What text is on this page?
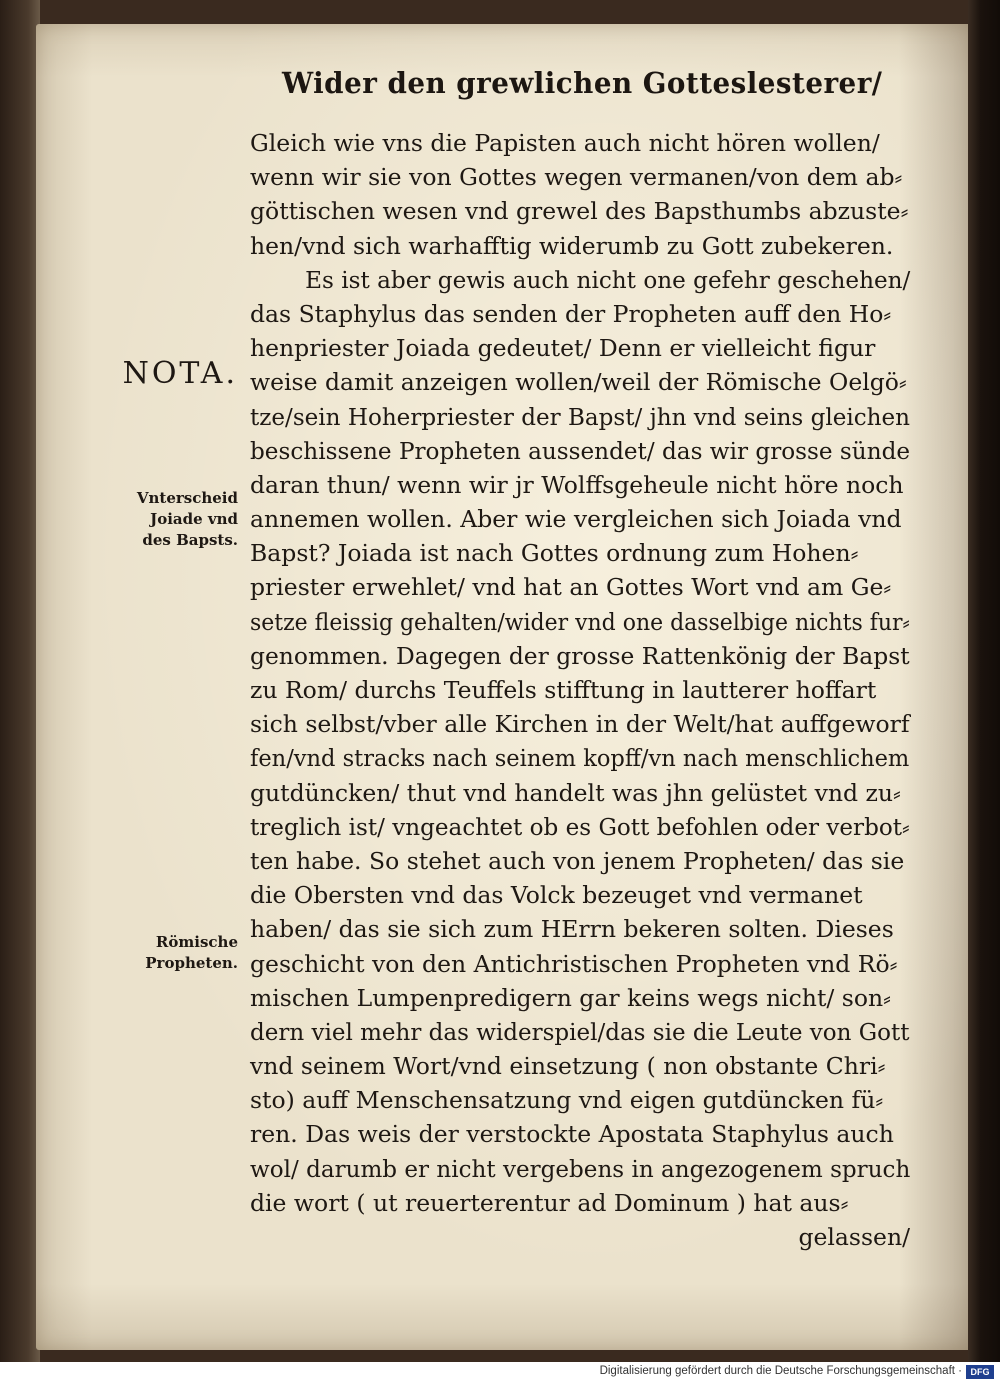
Wider den grewlichen Gotteslesterer/
NOTA.
Vnterscheid
Joiade vnd
des Bapsts.
Römische
Propheten.
Gleich wie vns die Papisten auch nicht hören wollen/
wenn wir sie von Gottes wegen vermanen/von dem ab⸗
göttischen wesen vnd grewel des Bapsthumbs abzuste⸗
hen/vnd sich warhafftig widerumb zu Gott zubekeren.
Es ist aber gewis auch nicht one gefehr geschehen/
das Staphylus das senden der Propheten auff den Ho⸗
henpriester Joiada gedeutet/ Denn er vielleicht figur
weise damit anzeigen wollen/weil der Römische Oelgö⸗
tze/sein Hoherpriester der Bapst/ jhn vnd seins gleichen
beschissene Propheten aussendet/ das wir grosse sünde
daran thun/ wenn wir jr Wolffsgeheule nicht höre noch
annemen wollen. Aber wie vergleichen sich Joiada vnd
Bapst? Joiada ist nach Gottes ordnung zum Hohen⸗
priester erwehlet/ vnd hat an Gottes Wort vnd am Ge⸗
setze fleissig gehalten/wider vnd one dasselbige nichts fur⸗
genommen. Dagegen der grosse Rattenkönig der Bapst
zu Rom/ durchs Teuffels stifftung in lautterer hoffart
sich selbst/vber alle Kirchen in der Welt/hat auffgeworf
fen/vnd stracks nach seinem kopff/vn nach menschlichem
gutdüncken/ thut vnd handelt was jhn gelüstet vnd zu⸗
treglich ist/ vngeachtet ob es Gott befohlen oder verbot⸗
ten habe. So stehet auch von jenem Propheten/ das sie
die Obersten vnd das Volck bezeuget vnd vermanet
haben/ das sie sich zum HErrn bekeren solten. Dieses
geschicht von den Antichristischen Propheten vnd Rö⸗
mischen Lumpenpredigern gar keins wegs nicht/ son⸗
dern viel mehr das widerspiel/das sie die Leute von Gott
vnd seinem Wort/vnd einsetzung ( non obstante Chri⸗
sto) auff Menschensatzung vnd eigen gutdüncken fü⸗
ren. Das weis der verstockte Apostata Staphylus auch
wol/ darumb er nicht vergebens in angezogenem spruch
die wort ( ut reuerterentur ad Dominum ) hat aus⸗
gelassen/
Digitalisierung gefördert durch die Deutsche Forschungsgemeinschaft · DFG
